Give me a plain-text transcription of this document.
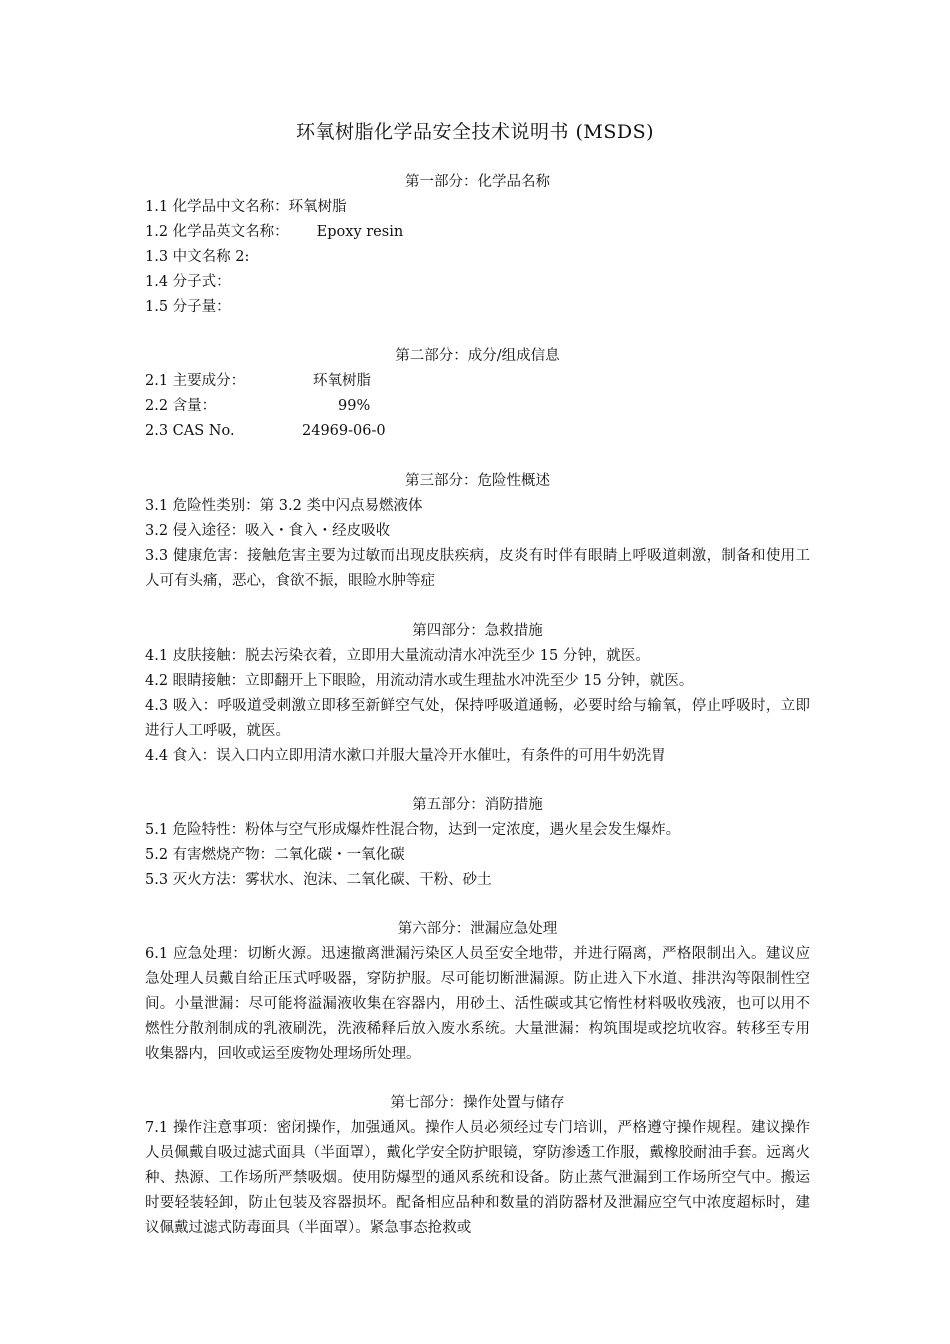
环氧树脂化学品安全技术说明书 (MSDS)
第一部分：化学品名称
1.1 化学品中文名称：环氧树脂
1.2 化学品英文名称： Epoxy resin
1.3 中文名称 2:
1.4 分子式：
1.5 分子量：
第二部分：成分/组成信息
2.1 主要成分：	环氧树脂
2.2 含量：	99%
2.3 CAS No.	24969-06-0
第三部分：危险性概述
3.1 危险性类别：第 3.2 类中闪点易燃液体
3.2 侵入途径：吸入・食入・经皮吸收
3.3 健康危害：接触危害主要为过敏而出现皮肤疾病，皮炎有时伴有眼睛上呼吸道刺激，制备和使用工人可有头痛，恶心，食欲不振，眼睑水肿等症
第四部分：急救措施
4.1 皮肤接触：脱去污染衣着，立即用大量流动清水冲洗至少 15 分钟，就医。
4.2 眼睛接触：立即翻开上下眼睑，用流动清水或生理盐水冲洗至少 15 分钟，就医。
4.3 吸入：呼吸道受刺激立即移至新鲜空气处，保持呼吸道通畅，必要时给与输氧，停止呼吸时，立即进行人工呼吸，就医。
4.4 食入：误入口内立即用清水漱口并服大量冷开水催吐，有条件的可用牛奶洗胃
第五部分：消防措施
5.1 危险特性：粉体与空气形成爆炸性混合物，达到一定浓度，遇火星会发生爆炸。
5.2 有害燃烧产物：二氧化碳・一氧化碳
5.3 灭火方法：雾状水、泡沫、二氧化碳、干粉、砂土
第六部分：泄漏应急处理
6.1 应急处理：切断火源。迅速撤离泄漏污染区人员至安全地带，并进行隔离，严格限制出入。建议应急处理人员戴自给正压式呼吸器，穿防护服。尽可能切断泄漏源。防止进入下水道、排洪沟等限制性空间。小量泄漏：尽可能将溢漏液收集在容器内，用砂土、活性碳或其它惰性材料吸收残液，也可以用不燃性分散剂制成的乳液刷洗，洗液稀释后放入废水系统。大量泄漏：构筑围堤或挖坑收容。转移至专用收集器内，回收或运至废物处理场所处理。
第七部分：操作处置与储存
7.1 操作注意事项：密闭操作，加强通风。操作人员必须经过专门培训，严格遵守操作规程。建议操作人员佩戴自吸过滤式面具（半面罩），戴化学安全防护眼镜，穿防渗透工作服，戴橡胶耐油手套。远离火种、热源、工作场所严禁吸烟。使用防爆型的通风系统和设备。防止蒸气泄漏到工作场所空气中。搬运时要轻装轻卸，防止包装及容器损坏。配备相应品种和数量的消防器材及泄漏应空气中浓度超标时，建议佩戴过滤式防毒面具（半面罩）。紧急事态抢救或
